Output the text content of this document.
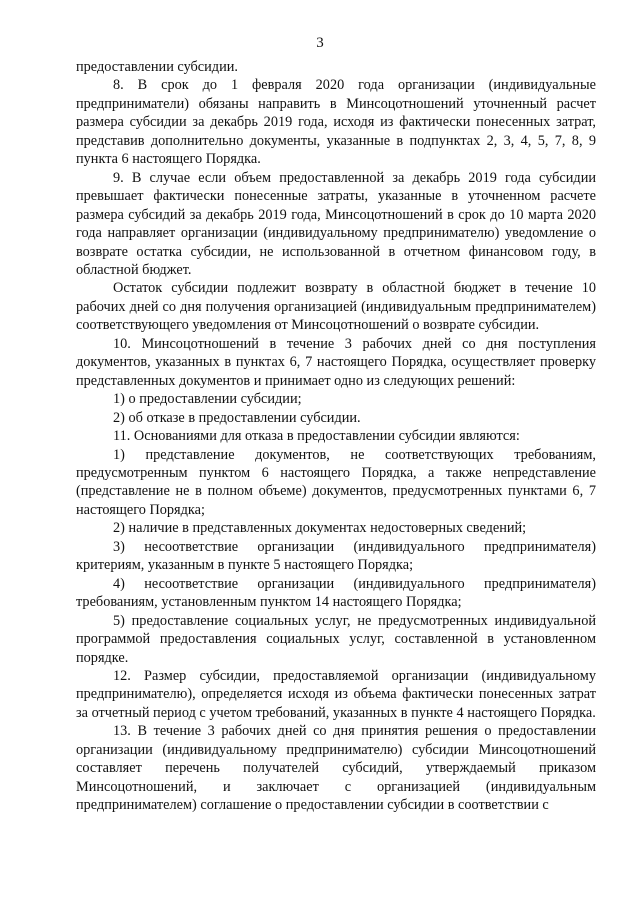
3

предоставлении субсидии.

8. В срок до 1 февраля 2020 года организации (индивидуальные предприниматели) обязаны направить в Минсоцотношений уточненный расчет размера субсидии за декабрь 2019 года, исходя из фактически понесенных затрат, представив дополнительно документы, указанные в подпунктах 2, 3, 4, 5, 7, 8, 9 пункта 6 настоящего Порядка.

9. В случае если объем предоставленной за декабрь 2019 года субсидии превышает фактически понесенные затраты, указанные в уточненном расчете размера субсидий за декабрь 2019 года, Минсоцотношений в срок до 10 марта 2020 года направляет организации (индивидуальному предпринимателю) уведомление о возврате остатка субсидии, не использованной в отчетном финансовом году, в областной бюджет.

Остаток субсидии подлежит возврату в областной бюджет в течение 10 рабочих дней со дня получения организацией (индивидуальным предпринимателем) соответствующего уведомления от Минсоцотношений о возврате субсидии.

10. Минсоцотношений в течение 3 рабочих дней со дня поступления документов, указанных в пунктах 6, 7 настоящего Порядка, осуществляет проверку представленных документов и принимает одно из следующих решений:

1) о предоставлении субсидии;

2) об отказе в предоставлении субсидии.

11. Основаниями для отказа в предоставлении субсидии являются:

1) представление документов, не соответствующих требованиям, предусмотренным пунктом 6 настоящего Порядка, а также непредставление (представление не в полном объеме) документов, предусмотренных пунктами 6, 7 настоящего Порядка;

2) наличие в представленных документах недостоверных сведений;

3) несоответствие организации (индивидуального предпринимателя) критериям, указанным в пункте 5 настоящего Порядка;

4) несоответствие организации (индивидуального предпринимателя) требованиям, установленным пунктом 14 настоящего Порядка;

5) предоставление социальных услуг, не предусмотренных индивидуальной программой предоставления социальных услуг, составленной в установленном порядке.

12. Размер субсидии, предоставляемой организации (индивидуальному предпринимателю), определяется исходя из объема фактически понесенных затрат за отчетный период с учетом требований, указанных в пункте 4 настоящего Порядка.

13. В течение 3 рабочих дней со дня принятия решения о предоставлении организации (индивидуальному предпринимателю) субсидии Минсоцотношений составляет перечень получателей субсидий, утверждаемый приказом Минсоцотношений, и заключает с организацией (индивидуальным предпринимателем) соглашение о предоставлении субсидии в соответствии с
